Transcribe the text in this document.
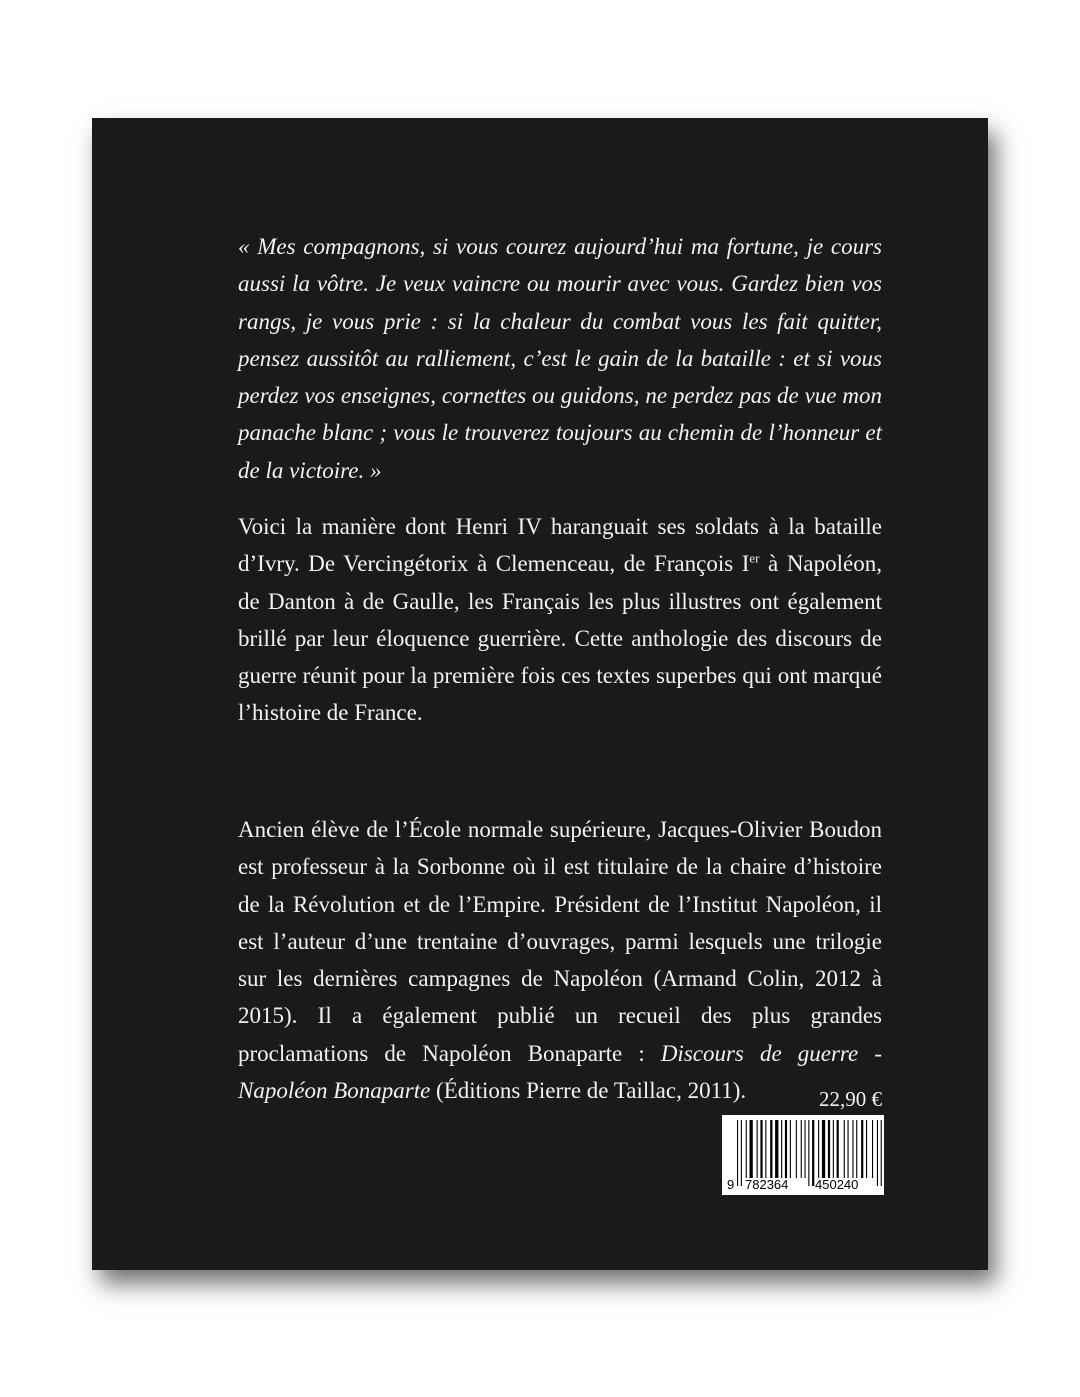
« Mes compagnons, si vous courez aujourd’hui ma fortune, je cours aussi la vôtre. Je veux vaincre ou mourir avec vous. Gardez bien vos rangs, je vous prie : si la chaleur du combat vous les fait quitter, pensez aussitôt au ralliement, c’est le gain de la bataille : et si vous perdez vos enseignes, cornettes ou guidons, ne perdez pas de vue mon panache blanc ; vous le trouverez toujours au chemin de l’honneur et de la victoire. »

Voici la manière dont Henri IV haranguait ses soldats à la bataille d’Ivry. De Vercingétorix à Clemenceau, de François Ier à Napoléon, de Danton à de Gaulle, les Français les plus illustres ont également brillé par leur éloquence guerrière. Cette anthologie des discours de guerre réunit pour la première fois ces textes superbes qui ont marqué l’histoire de France.

Ancien élève de l’École normale supérieure, Jacques-Olivier Boudon est professeur à la Sorbonne où il est titulaire de la chaire d’histoire de la Révolution et de l’Empire. Président de l’Institut Napoléon, il est l’auteur d’une trentaine d’ouvrages, parmi lesquels une trilogie sur les dernières campagnes de Napoléon (Armand Colin, 2012 à 2015). Il a également publié un recueil des plus grandes proclamations de Napoléon Bonaparte : Discours de guerre - Napoléon Bonaparte (Éditions Pierre de Taillac, 2011).	22,90 €
9 782364 450240
